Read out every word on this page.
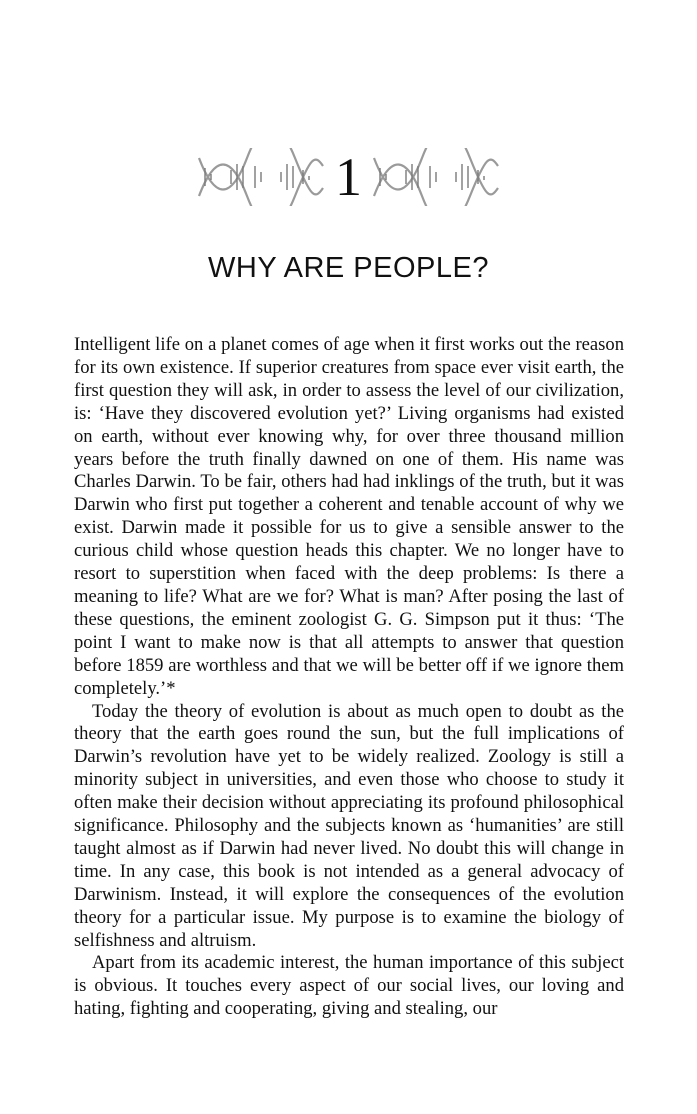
1
WHY ARE PEOPLE?

Intelligent life on a planet comes of age when it first works out the reason for its own existence. If superior creatures from space ever visit earth, the first question they will ask, in order to assess the level of our civilization, is: ‘Have they discovered evolution yet?’ Living organisms had existed on earth, without ever knowing why, for over three thousand million years before the truth finally dawned on one of them. His name was Charles Darwin. To be fair, others had had inklings of the truth, but it was Darwin who first put together a coherent and tenable account of why we exist. Darwin made it possible for us to give a sensible answer to the curious child whose question heads this chapter. We no longer have to resort to superstition when faced with the deep problems: Is there a meaning to life? What are we for? What is man? After posing the last of these questions, the eminent zoologist G. G. Simpson put it thus: ‘The point I want to make now is that all attempts to answer that question before 1859 are worthless and that we will be better off if we ignore them completely.’*

Today the theory of evolution is about as much open to doubt as the theory that the earth goes round the sun, but the full implications of Darwin’s revolution have yet to be widely realized. Zoology is still a minority subject in universities, and even those who choose to study it often make their decision without appreciating its profound philosophical significance. Philosophy and the subjects known as ‘humanities’ are still taught almost as if Darwin had never lived. No doubt this will change in time. In any case, this book is not intended as a general advocacy of Darwinism. Instead, it will explore the consequences of the evolution theory for a particular issue. My purpose is to examine the biology of selfishness and altruism.

Apart from its academic interest, the human importance of this subject is obvious. It touches every aspect of our social lives, our loving and hating, fighting and cooperating, giving and stealing, our
